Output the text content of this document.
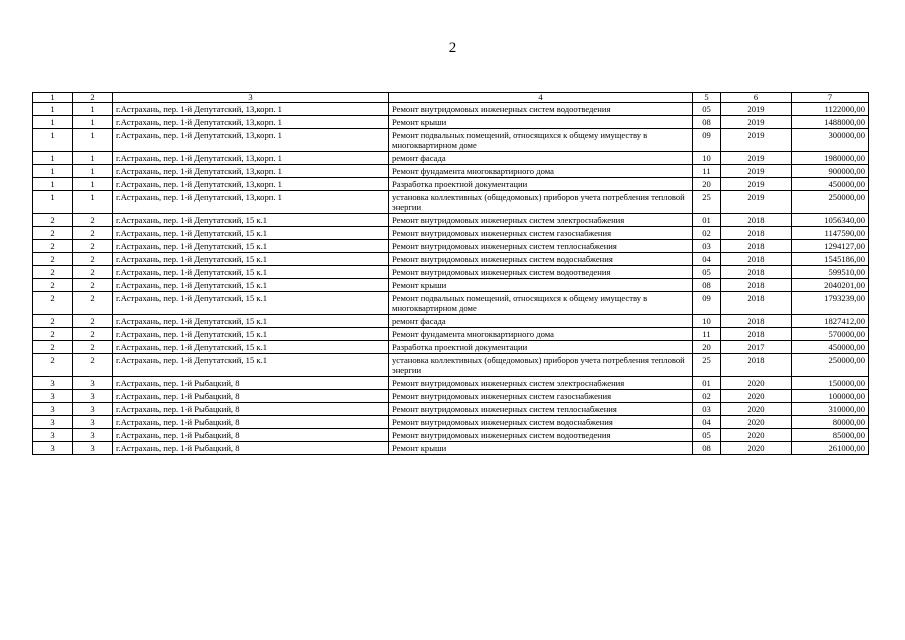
2
1	2	3	4	5	6	7
1	1	г.Астрахань, пер. 1-й Депутатский, 13,корп. 1	Ремонт внутридомовых инженерных систем водоотведения	05	2019	1122000,00
1	1	г.Астрахань, пер. 1-й Депутатский, 13,корп. 1	Ремонт крыши	08	2019	1488000,00
1	1	г.Астрахань, пер. 1-й Депутатский, 13,корп. 1	Ремонт подвальных помещений, относящихся к общему имуществу в многоквартирном доме	09	2019	300000,00
1	1	г.Астрахань, пер. 1-й Депутатский, 13,корп. 1	ремонт фасада	10	2019	1980000,00
1	1	г.Астрахань, пер. 1-й Депутатский, 13,корп. 1	Ремонт фундамента многоквартирного дома	11	2019	900000,00
1	1	г.Астрахань, пер. 1-й Депутатский, 13,корп. 1	Разработка проектной документации	20	2019	450000,00
1	1	г.Астрахань, пер. 1-й Депутатский, 13,корп. 1	установка коллективных (общедомовых) приборов учета потребления тепловой энергии	25	2019	250000,00
2	2	г.Астрахань, пер. 1-й Депутатский, 15 к.1	Ремонт внутридомовых инженерных систем электроснабжения	01	2018	1056340,00
2	2	г.Астрахань, пер. 1-й Депутатский, 15 к.1	Ремонт внутридомовых инженерных систем газоснабжения	02	2018	1147590,00
2	2	г.Астрахань, пер. 1-й Депутатский, 15 к.1	Ремонт внутридомовых инженерных систем теплоснабжения	03	2018	1294127,00
2	2	г.Астрахань, пер. 1-й Депутатский, 15 к.1	Ремонт внутридомовых инженерных систем водоснабжения	04	2018	1545186,00
2	2	г.Астрахань, пер. 1-й Депутатский, 15 к.1	Ремонт внутридомовых инженерных систем водоотведения	05	2018	599510,00
2	2	г.Астрахань, пер. 1-й Депутатский, 15 к.1	Ремонт крыши	08	2018	2040201,00
2	2	г.Астрахань, пер. 1-й Депутатский, 15 к.1	Ремонт подвальных помещений, относящихся к общему имуществу в многоквартирном доме	09	2018	1793239,00
2	2	г.Астрахань, пер. 1-й Депутатский, 15 к.1	ремонт фасада	10	2018	1827412,00
2	2	г.Астрахань, пер. 1-й Депутатский, 15 к.1	Ремонт фундамента многоквартирного дома	11	2018	570000,00
2	2	г.Астрахань, пер. 1-й Депутатский, 15 к.1	Разработка проектной документации	20	2017	450000,00
2	2	г.Астрахань, пер. 1-й Депутатский, 15 к.1	установка коллективных (общедомовых) приборов учета потребления тепловой энергии	25	2018	250000,00
3	3	г.Астрахань, пер. 1-й Рыбацкий, 8	Ремонт внутридомовых инженерных систем электроснабжения	01	2020	150000,00
3	3	г.Астрахань, пер. 1-й Рыбацкий, 8	Ремонт внутридомовых инженерных систем газоснабжения	02	2020	100000,00
3	3	г.Астрахань, пер. 1-й Рыбацкий, 8	Ремонт внутридомовых инженерных систем теплоснабжения	03	2020	310000,00
3	3	г.Астрахань, пер. 1-й Рыбацкий, 8	Ремонт внутридомовых инженерных систем водоснабжения	04	2020	80000,00
3	3	г.Астрахань, пер. 1-й Рыбацкий, 8	Ремонт внутридомовых инженерных систем водоотведения	05	2020	85000,00
3	3	г.Астрахань, пер. 1-й Рыбацкий, 8	Ремонт крыши	08	2020	261000,00
